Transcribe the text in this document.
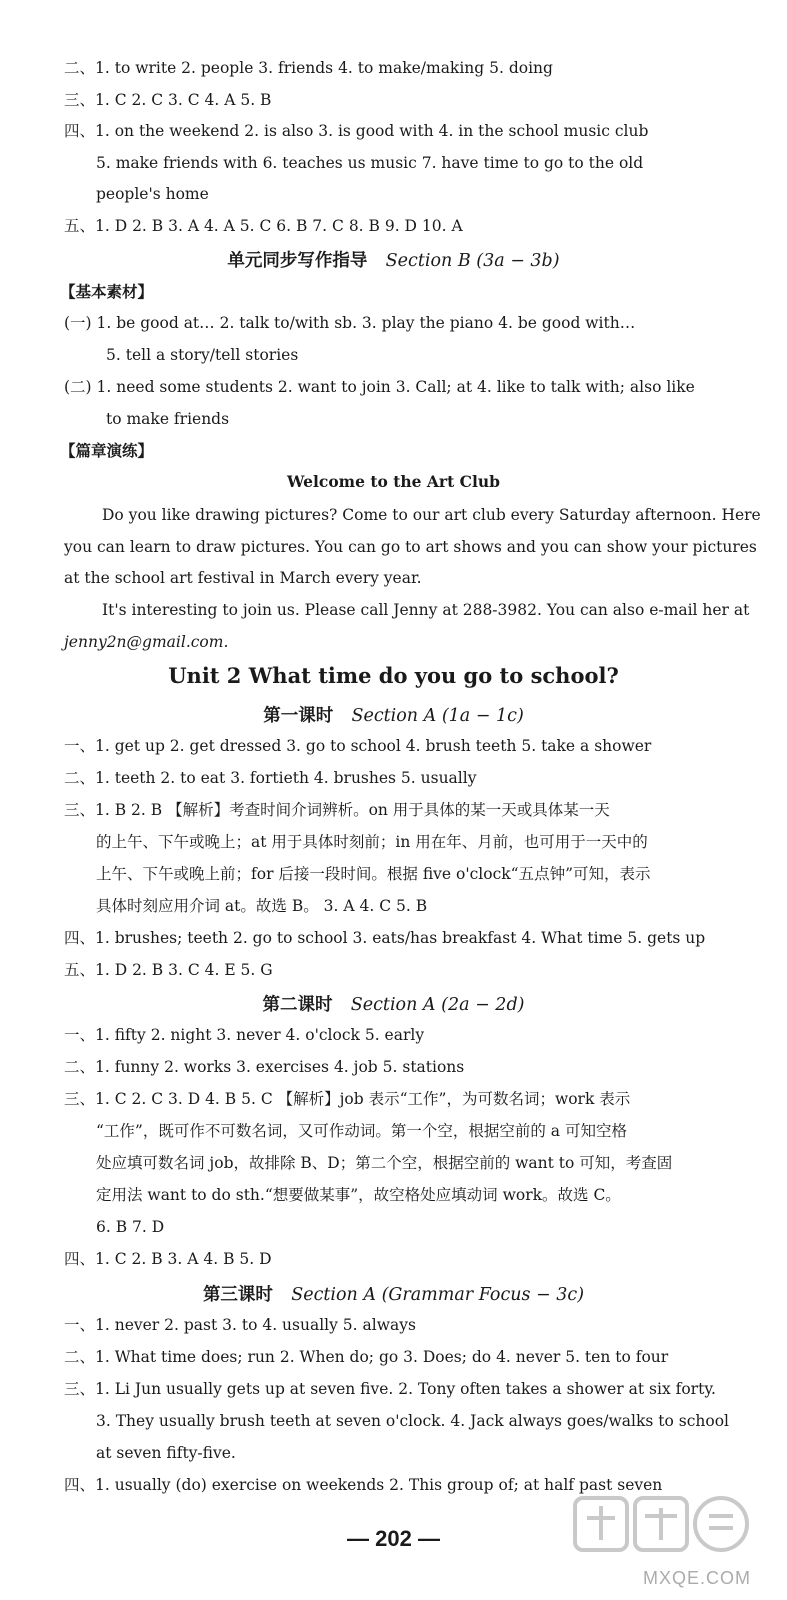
二、1. to write 2. people 3. friends 4. to make/making 5. doing
三、1. C 2. C 3. C 4. A 5. B
四、1. on the weekend 2. is also 3. is good with 4. in the school music club
5. make friends with 6. teaches us music 7. have time to go to the old
people's home
五、1. D 2. B 3. A 4. A 5. C 6. B 7. C 8. B 9. D 10. A
单元同步写作指导 Section B (3a − 3b)
【基本素材】
(一) 1. be good at… 2. talk to/with sb. 3. play the piano 4. be good with…
5. tell a story/tell stories
(二) 1. need some students 2. want to join 3. Call; at 4. like to talk with; also like
to make friends
【篇章演练】
Welcome to the Art Club
Do you like drawing pictures? Come to our art club every Saturday afternoon. Here
you can learn to draw pictures. You can go to art shows and you can show your pictures
at the school art festival in March every year.
It's interesting to join us. Please call Jenny at 288-3982. You can also e-mail her at
jenny2n@gmail.com.
Unit 2 What time do you go to school?
第一课时 Section A (1a − 1c)
一、1. get up 2. get dressed 3. go to school 4. brush teeth 5. take a shower
二、1. teeth 2. to eat 3. fortieth 4. brushes 5. usually
三、1. B 2. B 【解析】考查时间介词辨析。on 用于具体的某一天或具体某一天
的上午、下午或晚上；at 用于具体时刻前；in 用在年、月前，也可用于一天中的
上午、下午或晚上前；for 后接一段时间。根据 five o'clock“五点钟”可知，表示
具体时刻应用介词 at。故选 B。 3. A 4. C 5. B
四、1. brushes; teeth 2. go to school 3. eats/has breakfast 4. What time 5. gets up
五、1. D 2. B 3. C 4. E 5. G
第二课时 Section A (2a − 2d)
一、1. fifty 2. night 3. never 4. o'clock 5. early
二、1. funny 2. works 3. exercises 4. job 5. stations
三、1. C 2. C 3. D 4. B 5. C 【解析】job 表示“工作”，为可数名词；work 表示
“工作”，既可作不可数名词，又可作动词。第一个空，根据空前的 a 可知空格
处应填可数名词 job，故排除 B、D；第二个空，根据空前的 want to 可知，考查固
定用法 want to do sth.“想要做某事”，故空格处应填动词 work。故选 C。
6. B 7. D
四、1. C 2. B 3. A 4. B 5. D
第三课时 Section A (Grammar Focus − 3c)
一、1. never 2. past 3. to 4. usually 5. always
二、1. What time does; run 2. When do; go 3. Does; do 4. never 5. ten to four
三、1. Li Jun usually gets up at seven five. 2. Tony often takes a shower at six forty.
3. They usually brush teeth at seven o'clock. 4. Jack always goes/walks to school
at seven fifty-five.
四、1. usually (do) exercise on weekends 2. This group of; at half past seven
— 202 —
MXQE.COM
